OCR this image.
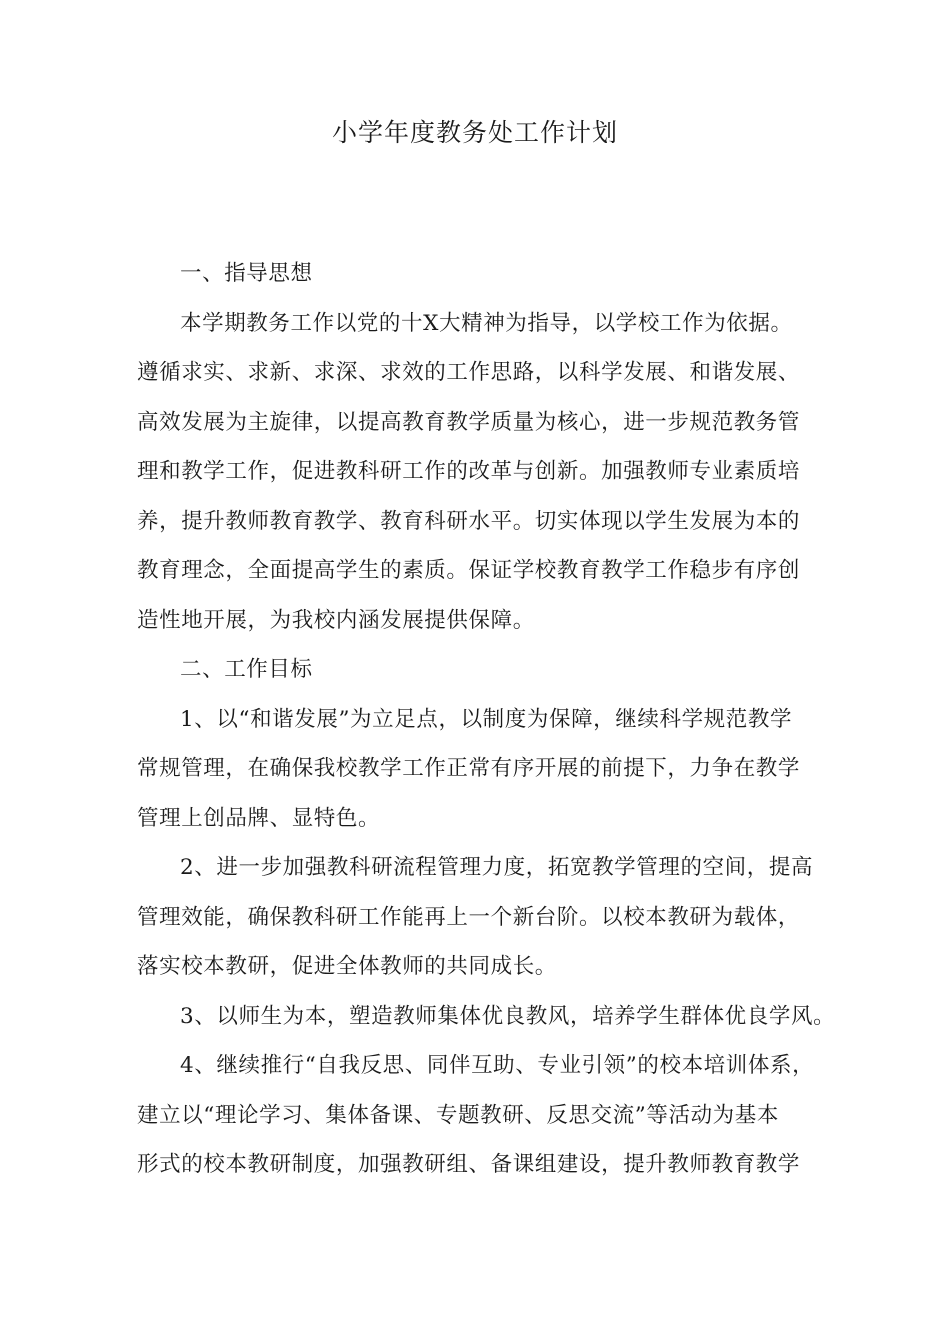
小学年度教务处工作计划
一、指导思想
本学期教务工作以党的十X大精神为指导，以学校工作为依据。
遵循求实、求新、求深、求效的工作思路，以科学发展、和谐发展、
高效发展为主旋律，以提高教育教学质量为核心，进一步规范教务管
理和教学工作，促进教科研工作的改革与创新。加强教师专业素质培
养，提升教师教育教学、教育科研水平。切实体现以学生发展为本的
教育理念，全面提高学生的素质。保证学校教育教学工作稳步有序创
造性地开展，为我校内涵发展提供保障。
二、工作目标
1、以“和谐发展”为立足点，以制度为保障，继续科学规范教学
常规管理，在确保我校教学工作正常有序开展的前提下，力争在教学
管理上创品牌、显特色。
2、进一步加强教科研流程管理力度，拓宽教学管理的空间，提高
管理效能，确保教科研工作能再上一个新台阶。以校本教研为载体，
落实校本教研，促进全体教师的共同成长。
3、以师生为本，塑造教师集体优良教风，培养学生群体优良学风。
4、继续推行“自我反思、同伴互助、专业引领”的校本培训体系，
建立以“理论学习、集体备课、专题教研、反思交流”等活动为基本
形式的校本教研制度，加强教研组、备课组建设，提升教师教育教学
